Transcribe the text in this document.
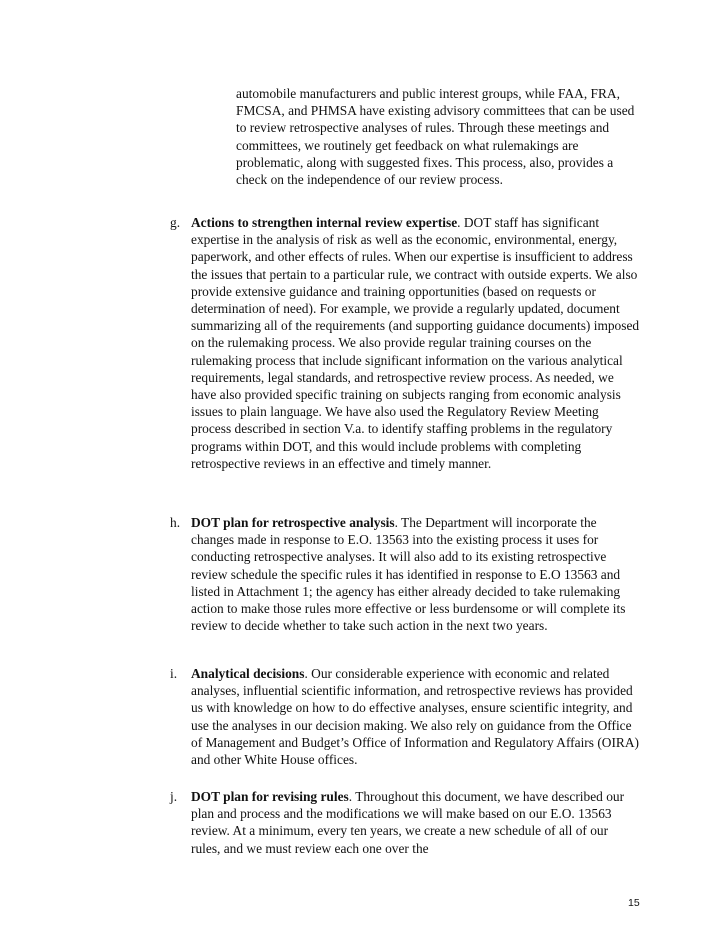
automobile manufacturers and public interest groups, while FAA, FRA, FMCSA, and PHMSA have existing advisory committees that can be used to review retrospective analyses of rules. Through these meetings and committees, we routinely get feedback on what rulemakings are problematic, along with suggested fixes. This process, also, provides a check on the independence of our review process.

g. Actions to strengthen internal review expertise. DOT staff has significant expertise in the analysis of risk as well as the economic, environmental, energy, paperwork, and other effects of rules. When our expertise is insufficient to address the issues that pertain to a particular rule, we contract with outside experts. We also provide extensive guidance and training opportunities (based on requests or determination of need). For example, we provide a regularly updated, document summarizing all of the requirements (and supporting guidance documents) imposed on the rulemaking process. We also provide regular training courses on the rulemaking process that include significant information on the various analytical requirements, legal standards, and retrospective review process. As needed, we have also provided specific training on subjects ranging from economic analysis issues to plain language. We have also used the Regulatory Review Meeting process described in section V.a. to identify staffing problems in the regulatory programs within DOT, and this would include problems with completing retrospective reviews in an effective and timely manner.

h. DOT plan for retrospective analysis. The Department will incorporate the changes made in response to E.O. 13563 into the existing process it uses for conducting retrospective analyses. It will also add to its existing retrospective review schedule the specific rules it has identified in response to E.O 13563 and listed in Attachment 1; the agency has either already decided to take rulemaking action to make those rules more effective or less burdensome or will complete its review to decide whether to take such action in the next two years.

i.	Analytical decisions. Our considerable experience with economic and related analyses, influential scientific information, and retrospective reviews has provided us with knowledge on how to do effective analyses, ensure scientific integrity, and use the analyses in our decision making. We also rely on guidance from the Office of Management and Budget’s Office of Information and Regulatory Affairs (OIRA) and other White House offices.

j.	DOT plan for revising rules. Throughout this document, we have described our plan and process and the modifications we will make based on our E.O. 13563 review. At a minimum, every ten years, we create a new schedule of all of our rules, and we must review each one over the

15
